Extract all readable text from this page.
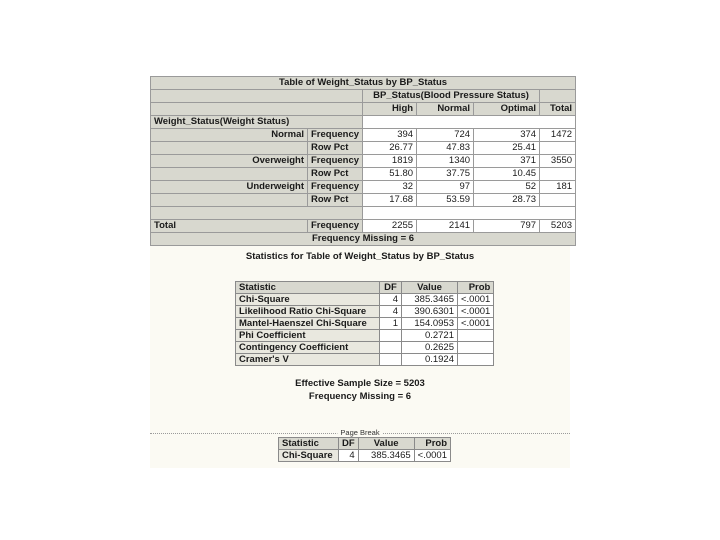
Table of Weight_Status by BP_Status					
		BP_Status(Blood Pressure Status)			
		High	Normal	Optimal	Total
Weight_Status(Weight Status)					
Normal	Frequency	394	724	374	1472
	Row Pct	26.77	47.83	25.41	
Overweight	Frequency	1819	1340	371	3550
	Row Pct	51.80	37.75	10.45	
Underweight	Frequency	32	97	52	181
	Row Pct	17.68	53.59	28.73	

Total	Frequency	2255	2141	797	5203
Frequency Missing = 6					
Statistics for Table of Weight_Status by BP_Status
Statistic	DF	Value	Prob
Chi-Square	4	385.3465	<.0001
Likelihood Ratio Chi-Square	4	390.6301	<.0001
Mantel-Haenszel Chi-Square	1	154.0953	<.0001
Phi Coefficient		0.2721	
Contingency Coefficient		0.2625	
Cramer's V		0.1924	
Effective Sample Size = 5203
Frequency Missing = 6
Page Break
Statistic	DF	Value	Prob
Chi-Square	4	385.3465	<.0001
